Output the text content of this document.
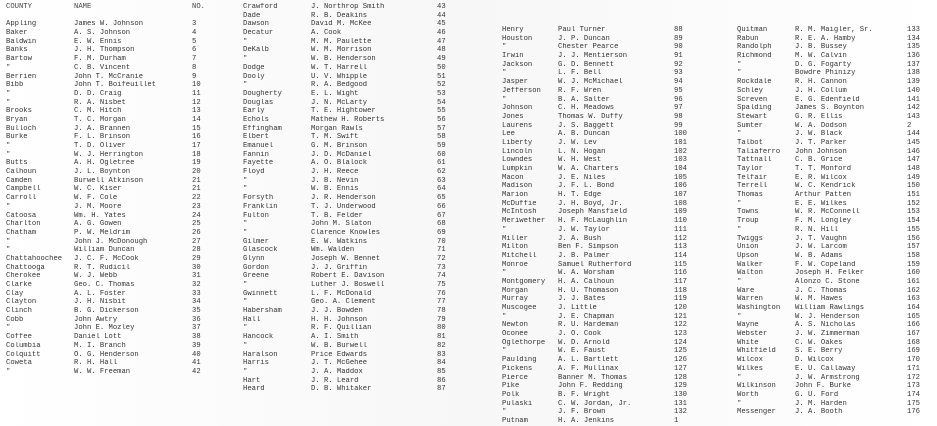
COUNTY	NAME	NO.
Appling	James W. Johnson	3
Baker	A. S. Johnson	4
Baldwin	E. W. Ennis	5
Banks	J. H. Thompson	6
Bartow	F. M. Durham	7
"	C. B. Vincent	8
Berrien	John T. McCranie	9
Bibb	John T. Boifeuillet	10
"	D. D. Craig	11
"	R. A. Nisbet	12
Brooks	C. M. Hitch	13
Bryan	T. C. Morgan	14
Bulloch	J. A. Brannen	15
Burke	F. L. Brinson	16
"	T. D. Oliver	17
"	W. J. Herrington	18
Butts	A. H. Ogletree	19
Calhoun	J. L. Boynton	20
Camden	Burwell Atkinson	21
Campbell	W. C. Kiser	21
Carroll	W. F. Cole	22
"	J. M. Moore	23
Catoosa	Wm. H. Yates	24
Charlton	A. G. Gowen	25
Chatham	P. W. Meldrim	26
"	John J. McDonough	27
"	William Duncan	28
Chattahoochee	J. C. F. McCook	29
Chattooga	R. T. Rudicil	30
Cherokee	W. J. Webb	31
Clarke	Geo. C. Thomas	32
Clay	A. L. Foster	33
Clayton	J. H. Nisbit	34
Clinch	B. G. Dickerson	35
Cobb	John Awtry	36
"	John E. Mozley	37
Coffee	Daniel Lott	38
Columbia	M. I. Branch	39
Colquitt	O. G. Henderson	40
Coweta	R. H. Hall	41
"	W. W. Freeman	42
Crawford	J. Northrop Smith	43
Dade	R. B. Deakins	44
Dawson	David M. McKee	45
Decatur	A. Cook	46
"	M. M. Paulette	47
DeKalb	W. M. Morrison	48
"	W. B. Henderson	49
Dodge	W. T. Harrell	50
Dooly	U. V. Whipple	51
"	R. A. Bedgood	52
Dougherty	E. L. Wight	53
Douglas	J. N. McLarty	54
Early	T. E. Hightower	55
Echols	Mathew H. Roberts	56
Effingham	Morgan Rawls	57
Elbert	T. M. Swift	58
Emanuel	G. M. Brinson	59
Fannin	J. D. McDaniel	60
Fayette	A. O. Blalock	61
Floyd	J. H. Reece	62
"	J. B. Nevin	63
"	W. B. Ennis	64
Forsyth	J. R. Henderson	65
Franklin	T. J. Underwood	66
Fulton	T. B. Felder	67
"	John M. Slaton	68
"	Clarence Knowles	69
Gilmer	E. W. Watkins	70
Glascock	Wm. Walden	71
Glynn	Joseph W. Bennet	72
Gordon	J. J. Griffin	73
Greene	Robert E. Davison	74
"	Luther J. Boswell	75
Gwinnett	L. F. McDonald	76
"	Geo. A. Clement	77
Habersham	J. J. Bowden	78
Hall	H. H. Johnson	79
"	R. F. Quillian	80
Hancock	A. I. Smith	81
"	W. B. Burwell	82
Haralson	Price Edwards	83
Harris	J. T. McGehee	84
"	J. A. Maddox	85
Hart	J. R. Leard	86
Heard	D. B. Whitaker	87
Henry	Paul Turner	88
Houston	J. P. Duncan	89
"	Chester Pearce	90
Irwin	J. J. Mentierson	91
Jackson	G. D. Bennett	92
"	L. F. Bell	93
Jasper	W. J. McMichael	94
Jefferson	R. F. Wren	95
"	B. A. Salter	96
Johnson	C. H. Meadows	97
Jones	Thomas W. Duffy	98
Laurens	J. S. Baggett	99
Lee	A. B. Duncan	100
Liberty	J. W. Lev	101
Lincoln	L. N. Hogan	102
Lowndes	W. H. West	103
Lumpkin	W. A. Charters	104
Macon	J. E. Niles	105
Madison	J. F. L. Bond	106
Marion	H. T. Edge	107
McDuffie	J. H. Boyd, Jr.	108
McIntosh	Joseph Mansfield	109
Meriwether	H. F. McLaughlin	110
"	J. W. Taylor	111
Miller	J. A. Bush	112
Milton	Ben F. Simpson	113
Mitchell	J. B. Palmer	114
Monroe	Samuel Rutherford	115
"	W. A. Worsham	116
Montgomery	H. A. Calhoun	117
Morgan	H. U. Thomason	118
Murray	J. J. Bates	119
Muscogee	J. Little	120
"	J. E. Chapman	121
Newton	R. U. Hardeman	122
Oconee	J. O. Cook	123
Oglethorpe	W. D. Arnold	124
"	W. E. Faust	125
Paulding	A. L. Bartlett	126
Pickens	A. F. Mullinax	127
Pierce	Banner M. Thomas	128
Pike	John F. Redding	129
Polk	B. F. Wright	130
Pulaski	C. W. Jordan, Jr.	131
"	J. F. Brown	132
Putnam	H. A. Jenkins	1
Quitman	R. M. Maigler, Sr.	133
Rabun	R. E. A. Hamby	134
Randolph	J. B. Bussey	135
Richmond	M. W. Calvin	136
"	D. G. Fogarty	137
"	Bowdre Phinizy	138
Rockdale	R. H. Cannon	139
Schley	J. H. Collum	140
Screven	E. G. Edenfield	141
Spalding	James S. Boynton	142
Stewart	G. R. Ellis	143
Sumter	W. A. Dodson	2
"	J. W. Black	144
Talbot	J. T. Parker	145
Taliaferro	John Johnson	146
Tattnall	C. B. Grice	147
Taylor	T. T. Monford	148
Telfair	E. R. Wilcox	149
Terrell	W. C. Kendrick	150
Thomas	Arthur Patten	151
"	E. E. Wilkes	152
Towns	W. R. McConnell	153
Troup	F. M. Longley	154
"	R. N. Hill	155
Twiggs	J. T. Vaughn	156
Union	J. W. Larcom	157
Upson	W. B. Adams	158
Walker	F. W. Copeland	159
Walton	Joseph H. Felker	160
"	Alonzo C. Stone	161
Ware	J. C. Thomas	162
Warren	W. M. Hawes	163
Washington	William Rawlings	164
"	W. J. Henderson	165
Wayne	A. S. Nicholas	166
Webster	J. W. Zimmerman	167
White	C. W. Oakes	168
Whitfield	S. E. Berry	169
Wilcox	D. Wilcox	170
Wilkes	E. U. Callaway	171
"	J. W. Armstrong	172
Wilkinson	John F. Burke	173
Worth	G. U. Ford	174
"	J. M. Harden	175
Messenger	J. A. Booth	176
